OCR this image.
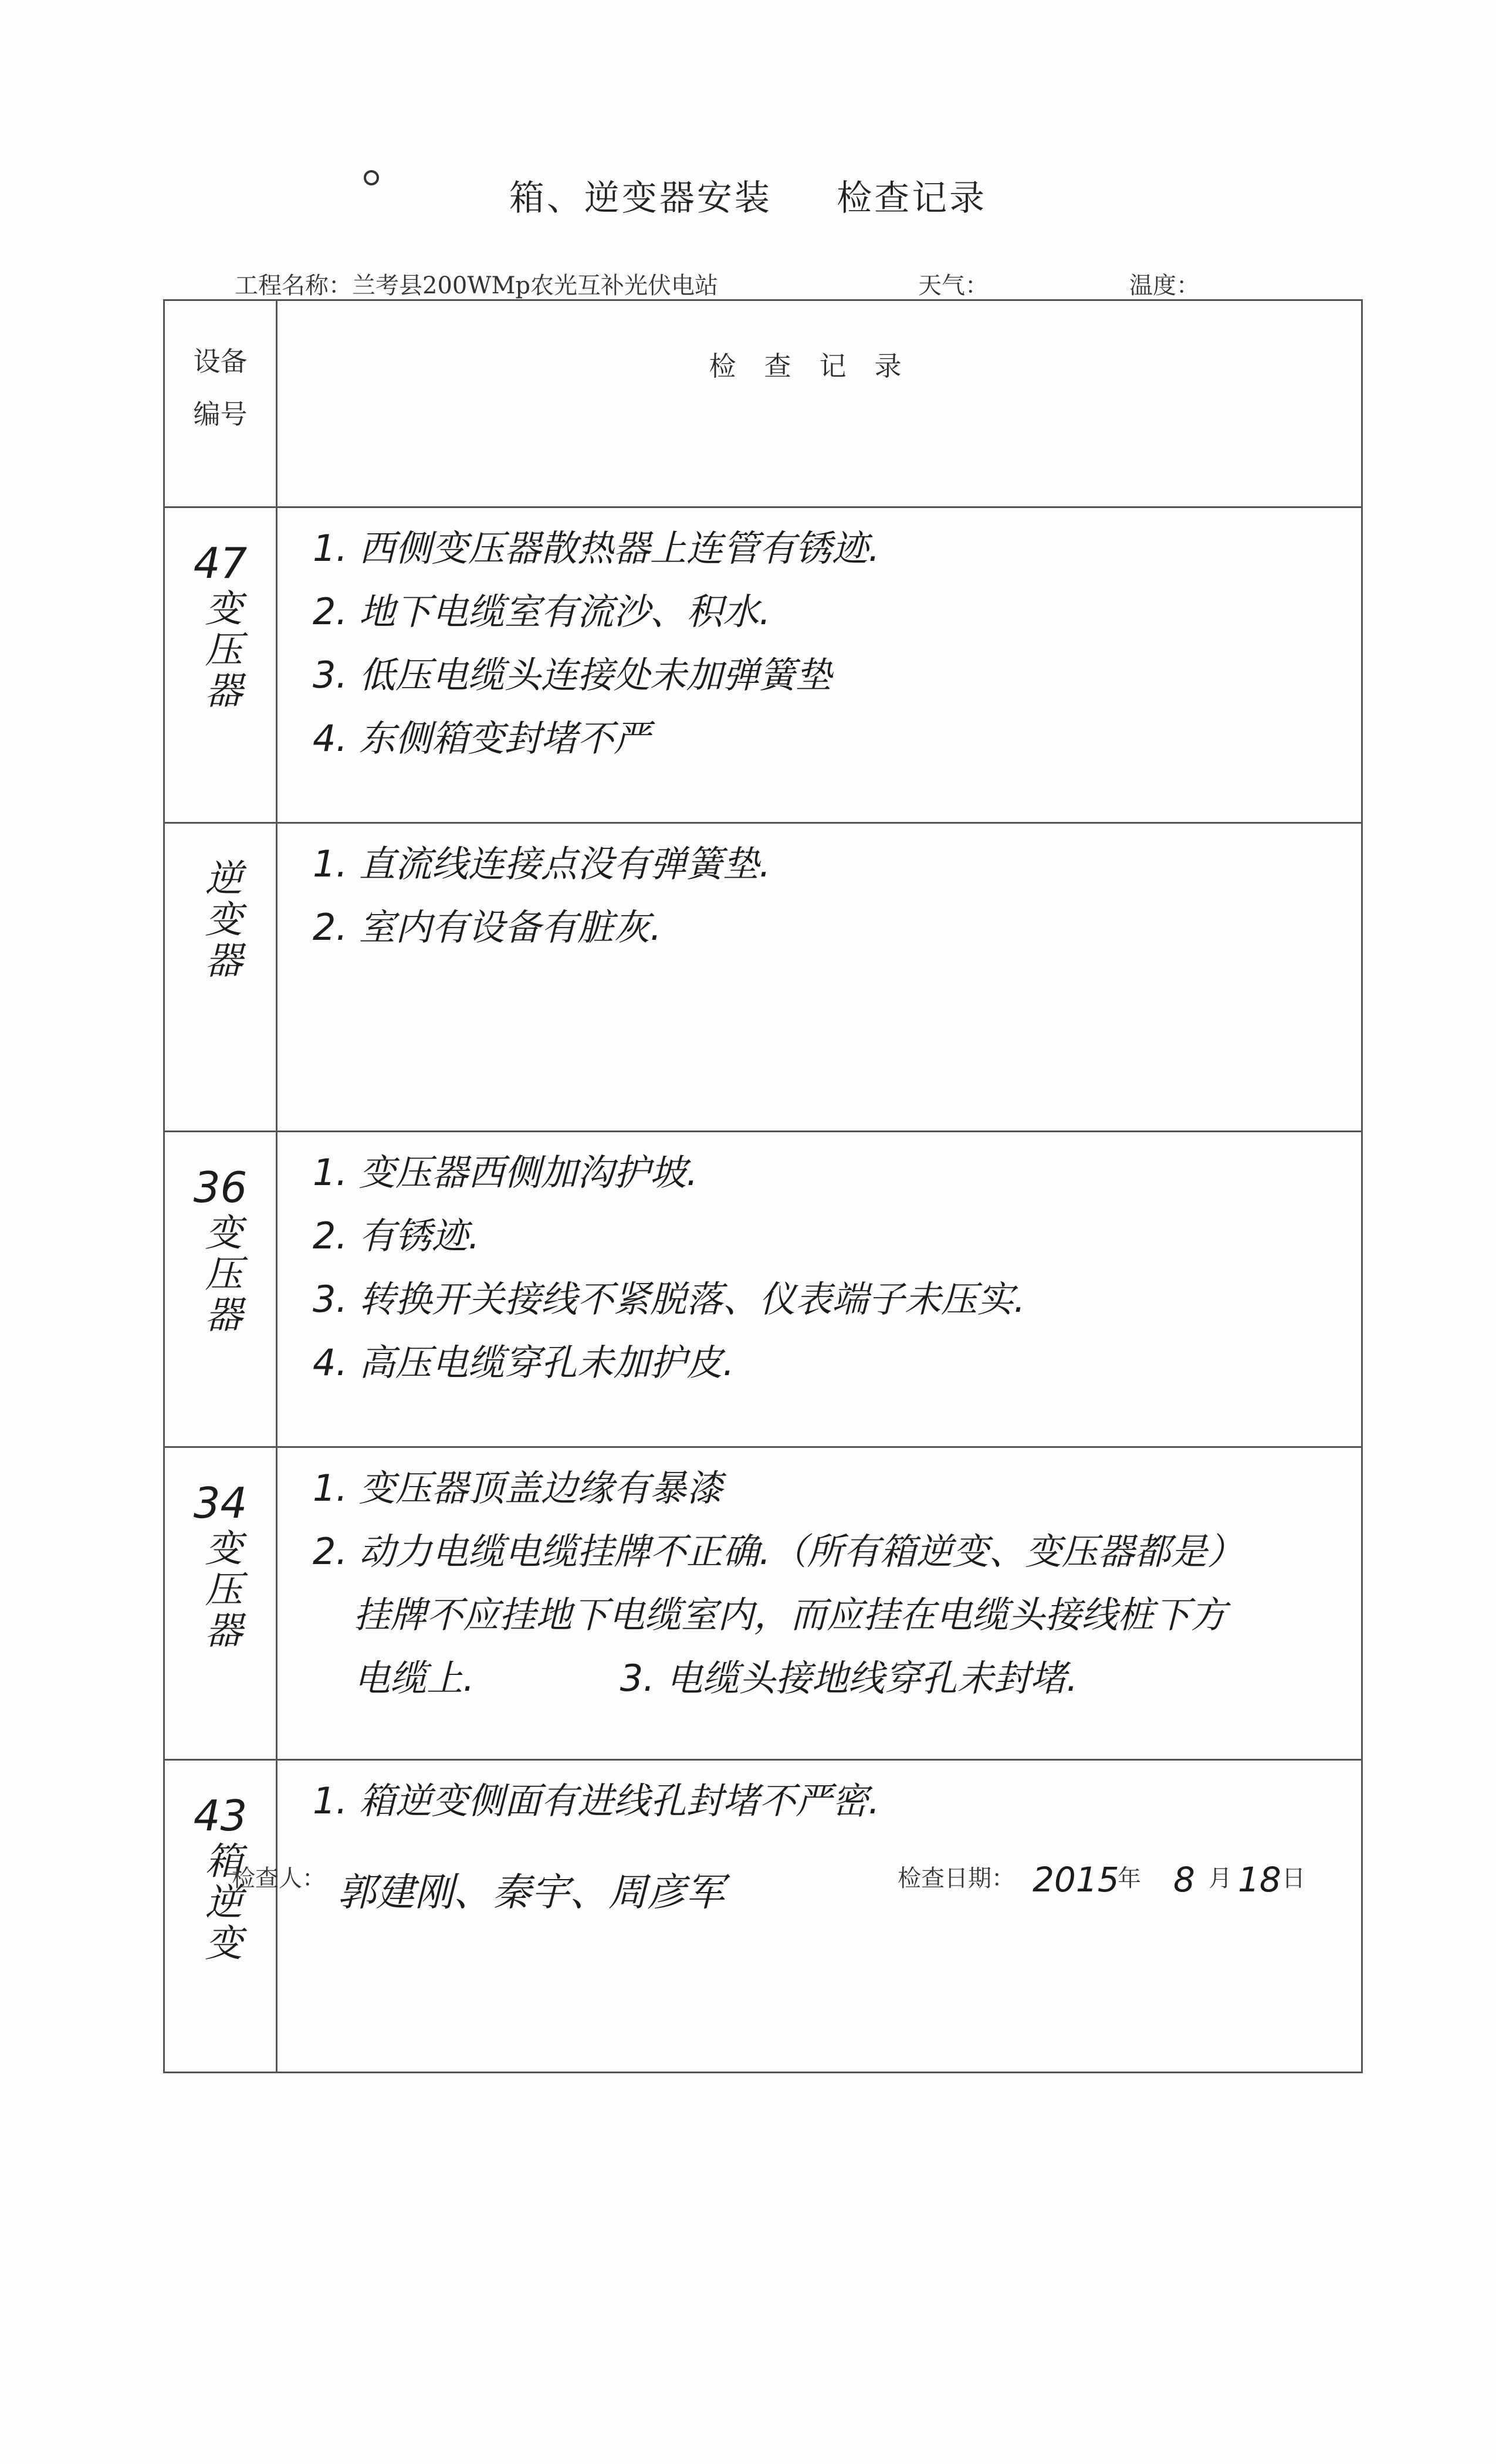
箱、逆变器安装 　 检查记录
工程名称：兰考县200WMp农光互补光伏电站	天气：	温度：
设备
编号	检查记录

47
变压器	1. 西侧变压器散热器上连管有锈迹.
2. 地下电缆室有流沙、积水.
3. 低压电缆头连接处未加弹簧垫
4. 东侧箱变封堵不严

逆变器	1. 直流线连接点没有弹簧垫.
2. 室内有设备有脏灰.

36
变压器	1. 变压器西侧加沟护坡.
2. 有锈迹.
3. 转换开关接线不紧脱落、仪表端子未压实.
4. 高压电缆穿孔未加护皮.

34
变压器	1. 变压器顶盖边缘有暴漆
2. 动力电缆电缆挂牌不正确.（所有箱逆变、变压器都是）
挂牌不应挂地下电缆室内，而应挂在电缆头接线桩下方
电缆上.　　　　3. 电缆头接地线穿孔未封堵.

43
箱逆变	1. 箱逆变侧面有进线孔封堵不严密.
检查人： 郭建刚、秦宇、周彦军	检查日期： 2015
年 8 月 18 日
